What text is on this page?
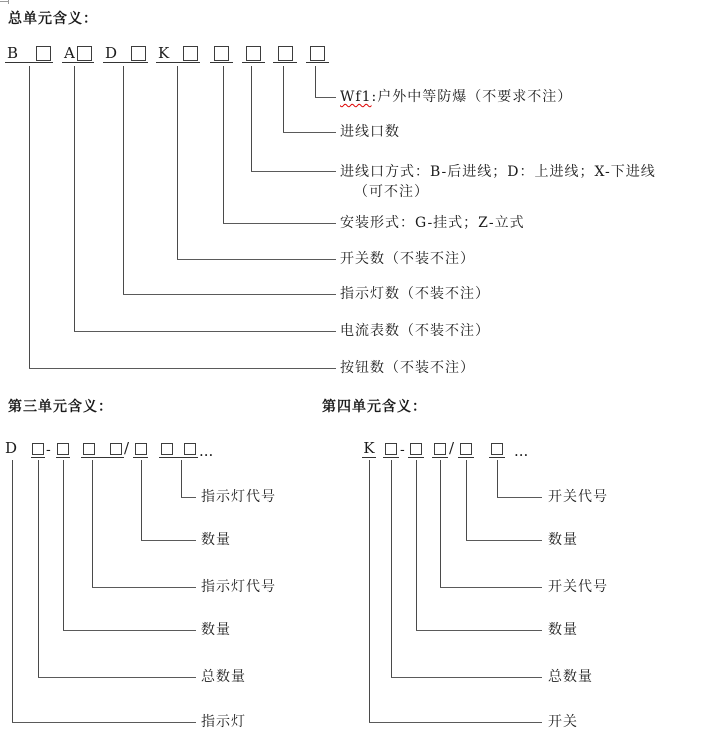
总单元含义：
B	A D	K
Wf1:户外中等防爆（不要求不注）
进线口数
进线口方式：B-后进线；D：上进线；X-下进线（可不注）
安装形式：G-挂式；Z-立式
开关数（不装不注）
指示灯数（不装不注）
电流表数（不装不注）
按钮数（不装不注）
第三单元含义：
D -	/	...
指示灯代号
数量
指示灯代号
数量
总数量
指示灯
第四单元含义：
K -	/	...
开关代号
数量
开关代号
数量
总数量
开关
